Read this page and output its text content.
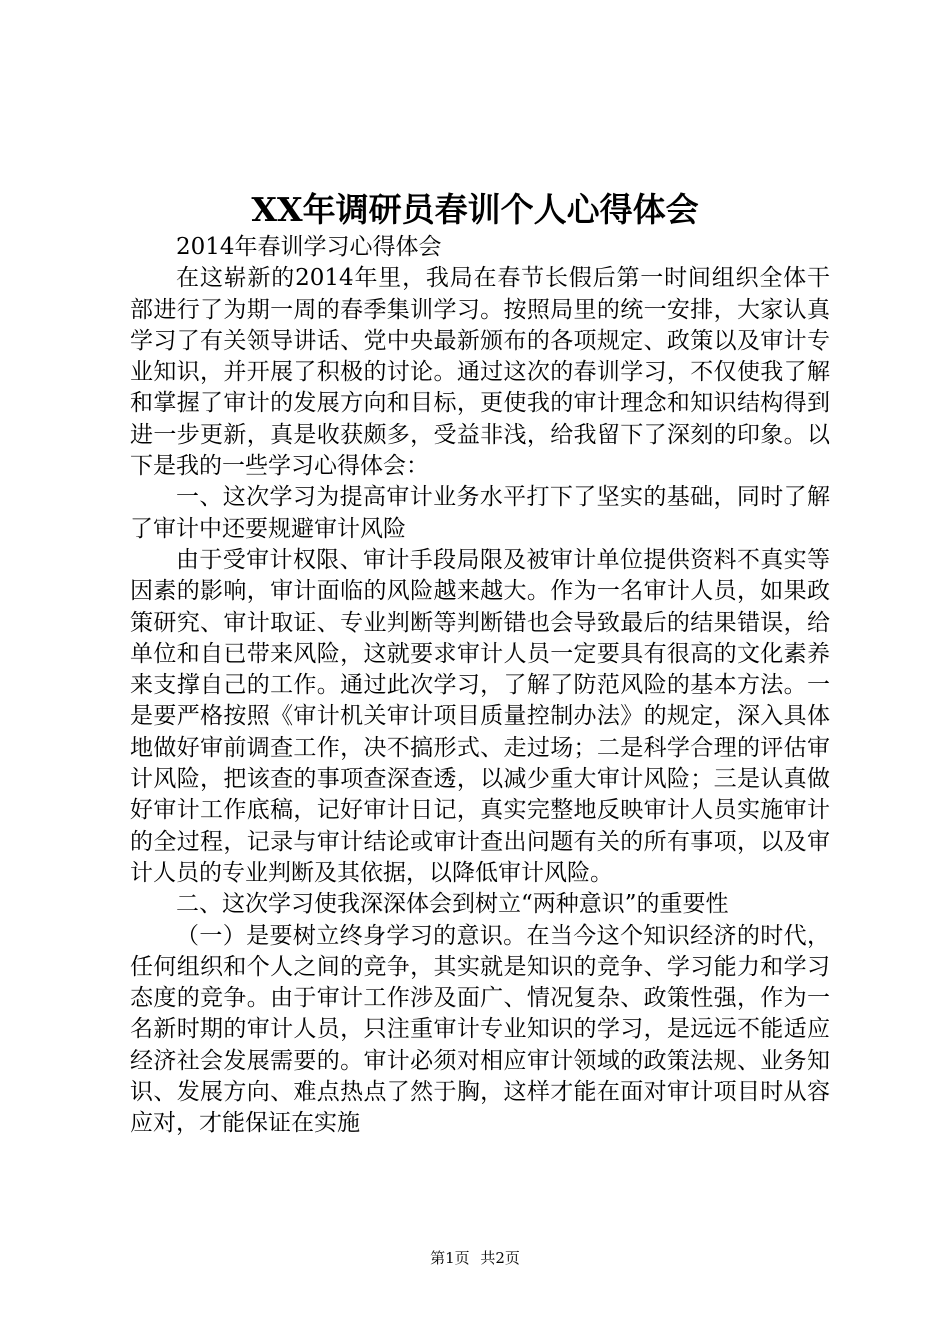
XX年调研员春训个人心得体会

2014年春训学习心得体会

在这崭新的2014年里，我局在春节长假后第一时间组织全体干部进行了为期一周的春季集训学习。按照局里的统一安排，大家认真学习了有关领导讲话、党中央最新颁布的各项规定、政策以及审计专业知识，并开展了积极的讨论。通过这次的春训学习，不仅使我了解和掌握了审计的发展方向和目标，更使我的审计理念和知识结构得到进一步更新，真是收获颇多，受益非浅，给我留下了深刻的印象。以下是我的一些学习心得体会：

一、这次学习为提高审计业务水平打下了坚实的基础，同时了解了审计中还要规避审计风险

由于受审计权限、审计手段局限及被审计单位提供资料不真实等因素的影响，审计面临的风险越来越大。作为一名审计人员，如果政策研究、审计取证、专业判断等判断错也会导致最后的结果错误，给单位和自已带来风险，这就要求审计人员一定要具有很高的文化素养来支撑自己的工作。通过此次学习，了解了防范风险的基本方法。一是要严格按照《审计机关审计项目质量控制办法》的规定，深入具体地做好审前调查工作，决不搞形式、走过场；二是科学合理的评估审计风险，把该查的事项查深查透，以减少重大审计风险；三是认真做好审计工作底稿，记好审计日记，真实完整地反映审计人员实施审计的全过程，记录与审计结论或审计查出问题有关的所有事项，以及审计人员的专业判断及其依据，以降低审计风险。

二、这次学习使我深深体会到树立“两种意识”的重要性

（一）是要树立终身学习的意识。在当今这个知识经济的时代，任何组织和个人之间的竞争，其实就是知识的竞争、学习能力和学习态度的竞争。由于审计工作涉及面广、情况复杂、政策性强，作为一名新时期的审计人员，只注重审计专业知识的学习，是远远不能适应经济社会发展需要的。审计必须对相应审计领域的政策法规、业务知识、发展方向、难点热点了然于胸，这样才能在面对审计项目时从容应对，才能保证在实施

第1页 共2页
